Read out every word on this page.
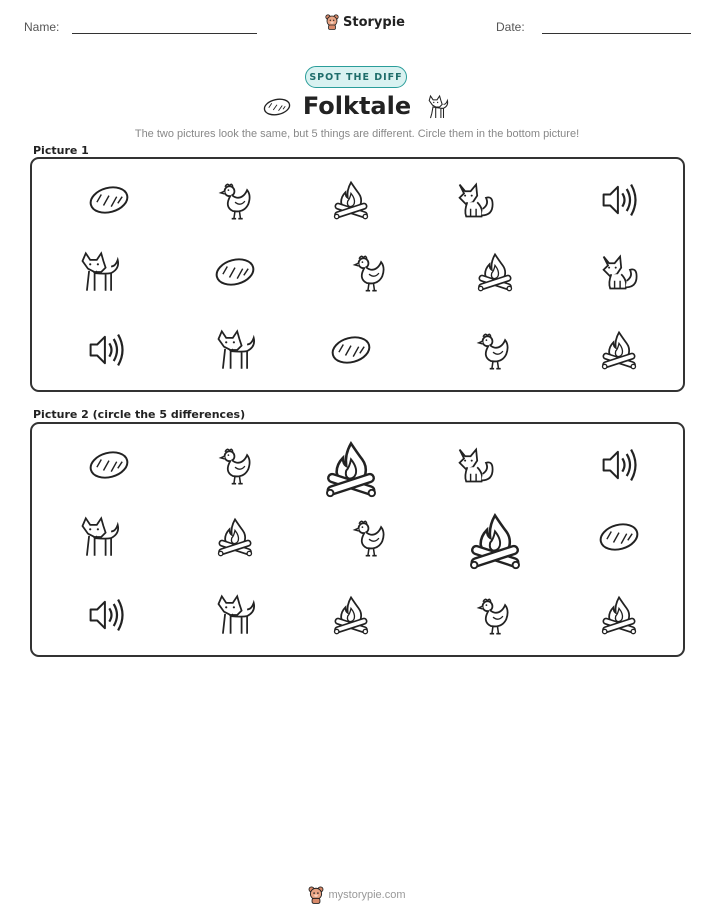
Name:	Storypie	Date:
SPOT THE DIFF
Folktale
The two pictures look the same, but 5 things are different. Circle them in the bottom picture!
Picture 1
Picture 2 (circle the 5 differences)
mystorypie.com
